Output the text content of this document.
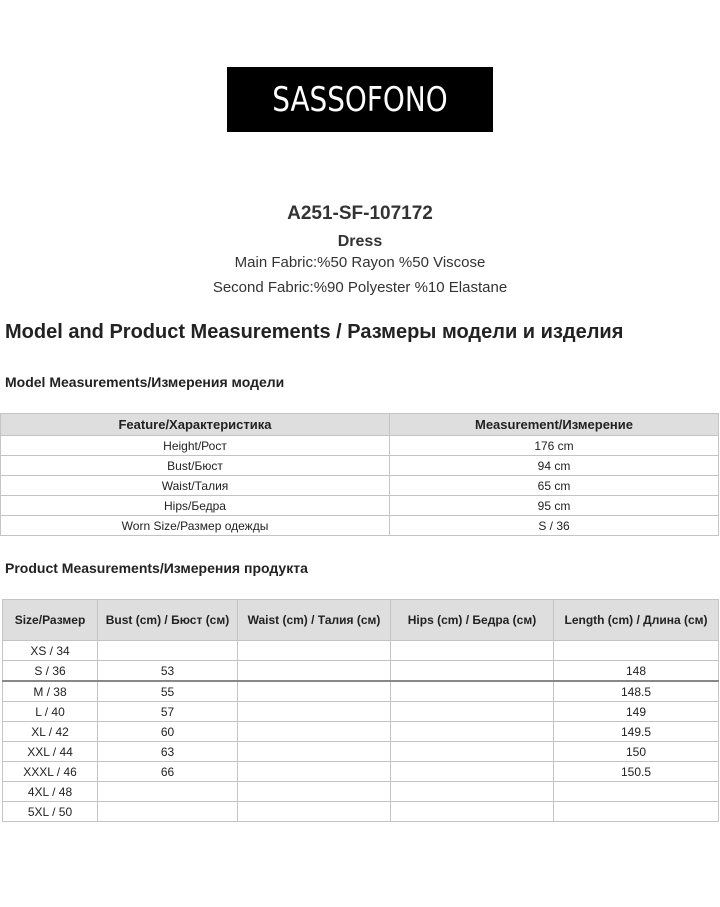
SASSOFONO
A251-SF-107172
Dress
Main Fabric:%50 Rayon %50 Viscose
Second Fabric:%90 Polyester %10 Elastane
Model and Product Measurements / Размеры модели и изделия
Model Measurements/Измерения модели
Feature/Характеристика	Measurement/Измерение
Height/Рост	176 cm
Bust/Бюст	94 cm
Waist/Талия	65 cm
Hips/Бедра	95 cm
Worn Size/Размер одежды	S / 36
Product Measurements/Измерения продукта
Size/Размер	Bust (cm) / Бюст (см)	Waist (cm) / Талия (см)	Hips (cm) / Бедра (см)	Length (cm) / Длина (см)
XS / 34				
S / 36	53			148
M / 38	55			148.5
L / 40	57			149
XL / 42	60			149.5
XXL / 44	63			150
XXXL / 46	66			150.5
4XL / 48				
5XL / 50				
